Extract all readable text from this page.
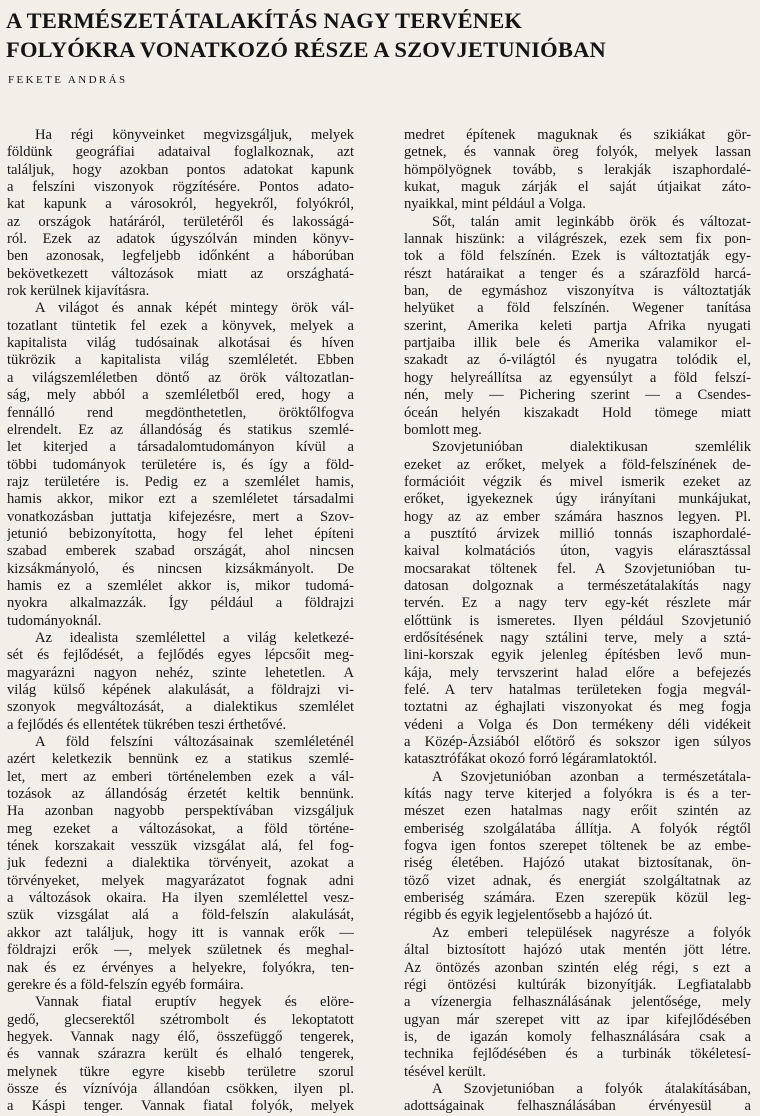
A TERMÉSZETÁTALAKÍTÁS NAGY TERVÉNEK
FOLYÓKRA VONATKOZÓ RÉSZE A SZOVJETUNIÓBAN
FEKETE ANDRÁS

Ha régi könyveinket megvizsgáljuk, melyek
földünk geográfiai adataival foglalkoznak, azt
találjuk, hogy azokban pontos adatokat kapunk
a felszíni viszonyok rögzítésére. Pontos adato-
kat kapunk a városokról, hegyekről, folyókról,
az országok határáról, területéről és lakosságá-
ról. Ezek az adatok úgyszólván minden könyv-
ben azonosak, legfeljebb időnként a háborúban
bekövetkezett változások miatt az országhatá-
rok kerülnek kijavításra.

A világot és annak képét mintegy örök vál-
tozatlant tüntetik fel ezek a könyvek, melyek a
kapitalista világ tudósainak alkotásai és híven
tükrözik a kapitalista világ szemléletét. Ebben
a világszemléletben döntő az örök változatlan-
ság, mely abból a szemléletből ered, hogy a
fennálló rend megdönthetetlen, öröktőlfogva
elrendelt. Ez az állandóság és statikus szemlé-
let kiterjed a társadalomtudományon kívül a
többi tudományok területére is, és így a föld-
rajz területére is. Pedig ez a szemlélet hamis,
hamis akkor, mikor ezt a szemléletet társadalmi
vonatkozásban juttatja kifejezésre, mert a Szov-
jetunió bebizonyította, hogy fel lehet építeni
szabad emberek szabad országát, ahol nincsen
kizsákmányoló, és nincsen kizsákmányolt. De
hamis ez a szemlélet akkor is, mikor tudomá-
nyokra alkalmazzák. Így például a földrajzi
tudományoknál.

Az idealista szemlélettel a világ keletkezé-
sét és fejlődését, a fejlődés egyes lépcsőit meg-
magyarázni nagyon nehéz, szinte lehetetlen. A
világ külső képének alakulását, a földrajzi vi-
szonyok megváltozását, a dialektikus szemlélet
a fejlődés és ellentétek tükrében teszi érthetővé.

A föld felszíni változásainak szemléleténél
azért keletkezik bennünk ez a statikus szemlé-
let, mert az emberi történelemben ezek a vál-
tozások az állandóság érzetét keltik bennünk.
Ha azonban nagyobb perspektívában vizsgáljuk
meg ezeket a változásokat, a föld történe-
tének korszakait vesszük vizsgálat alá, fel fog-
juk fedezni a dialektika törvényeit, azokat a
törvényeket, melyek magyarázatot fognak adni
a változások okaira. Ha ilyen szemlélettel vesz-
szük vizsgálat alá a föld-felszín alakulását,
akkor azt találjuk, hogy itt is vannak erők —
földrajzi erők —, melyek születnek és meghal-
nak és ez érvényes a helyekre, folyókra, ten-
gerekre és a föld-felszín egyéb formáira.

Vannak fiatal eruptív hegyek és elöre-
gedő, glecserektől szétrombolt és lekoptatott
hegyek. Vannak nagy élő, összefüggő tengerek,
és vannak szárazra került és elhaló tengerek,
melynek tükre egyre kisebb területre szorul
össze és víznívója állandóan csökken, ilyen pl.
a Káspi tenger. Vannak fiatal folyók, melyek

medret építenek maguknak és szikiákat gör-
getnek, és vannak öreg folyók, melyek lassan
hömpölyögnek tovább, s lerakják iszaphordalé-
kukat, maguk zárják el saját útjaikat záto-
nyaikkal, mint például a Volga.

Sőt, talán amit leginkább örök és változat-
lannak hiszünk: a világrészek, ezek sem fix pon-
tok a föld felszínén. Ezek is változtatják egy-
részt határaikat a tenger és a szárazföld harcá-
ban, de egymáshoz viszonyítva is változtatják
helyüket a föld felszínén. Wegener tanítása
szerint, Amerika keleti partja Afrika nyugati
partjaiba illik bele és Amerika valamikor el-
szakadt az ó-világtól és nyugatra tolódik el,
hogy helyreállítsa az egyensúlyt a föld felszí-
nén, mely — Pichering szerint — a Csendes-
óceán helyén kiszakadt Hold tömege miatt
bomlott meg.

Szovjetunióban dialektikusan szemlélik
ezeket az erőket, melyek a föld-felszínének de-
formációit végzik és mivel ismerik ezeket az
erőket, igyekeznek úgy irányítani munkájukat,
hogy az az ember számára hasznos legyen. Pl.
a pusztító árvizek millió tonnás iszaphordalé-
kaival kolmatációs úton, vagyis elárasztással
mocsarakat töltenek fel. A Szovjetunióban tu-
datosan dolgoznak a természetátalakítás nagy
tervén. Ez a nagy terv egy-két részlete már
előttünk is ismeretes. Ilyen például Szovjetunió
erdősítésének nagy sztálini terve, mely a sztá-
lini-korszak egyik jelenleg építésben levő mun-
kája, mely tervszerint halad előre a befejezés
felé. A terv hatalmas területeken fogja megvál-
toztatni az éghajlati viszonyokat és meg fogja
védeni a Volga és Don termékeny déli vidékeit
a Közép-Ázsiából előtörő és sokszor igen súlyos
katasztrófákat okozó forró légáramlatoktól.

A Szovjetunióban azonban a természetátala-
kítás nagy terve kiterjed a folyókra is és a ter-
mészet ezen hatalmas nagy erőit szintén az
emberiség szolgálatába állítja. A folyók régtől
fogva igen fontos szerepet töltenek be az embe-
riség életében. Hajózó utakat biztosítanak, ön-
töző vizet adnak, és energiát szolgáltatnak az
emberiség számára. Ezen szerepük közül leg-
régibb és egyik legjelentősebb a hajózó út.

Az emberi települések nagyrésze a folyók
által biztosított hajózó utak mentén jött létre.
Az öntözés azonban szintén elég régi, s ezt a
régi öntözési kultúrák bizonyítják. Legfiatalabb
a vízenergia felhasználásának jelentősége, mely
ugyan már szerepet vitt az ipar kifejlődésében
is, de igazán komoly felhasználására csak a
technika fejlődésében és a turbinák tökéletesí-
tésével került.

A Szovjetunióban a folyók átalakításában,
adottságainak felhasználásában érvényesül a
